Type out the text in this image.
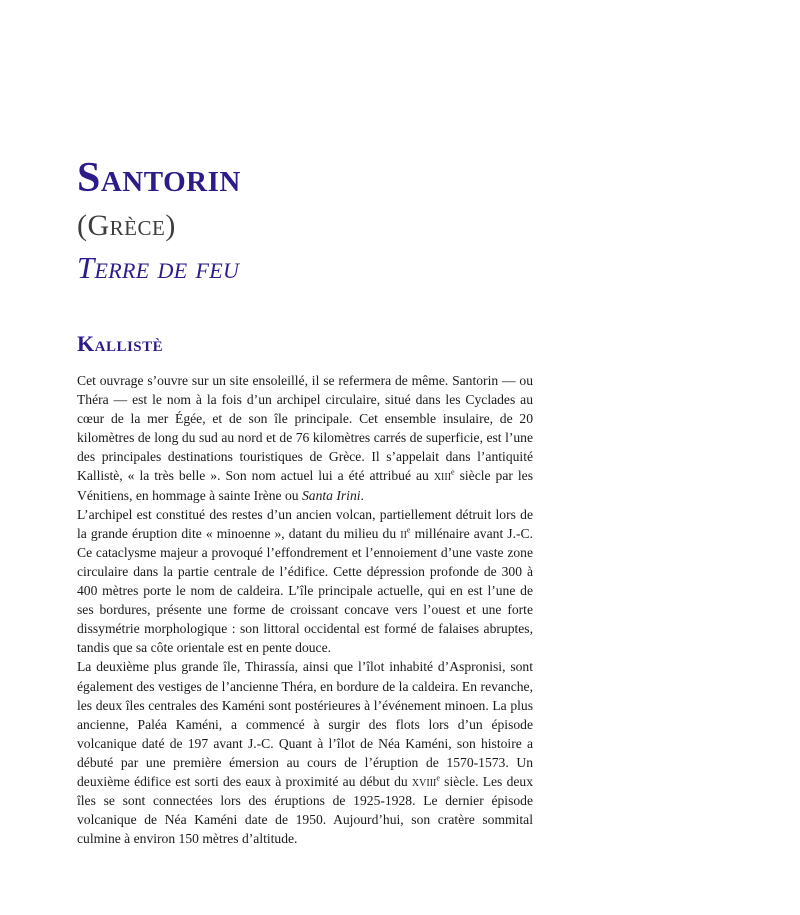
Santorin
(Grèce)
Terre de feu
Kallistè

Cet ouvrage s’ouvre sur un site ensoleillé, il se refermera de même. Santorin — ou Théra — est le nom à la fois d’un archipel circulaire, situé dans les Cyclades au cœur de la mer Égée, et de son île principale. Cet ensemble insulaire, de 20 kilomètres de long du sud au nord et de 76 kilomètres carrés de superficie, est l’une des principales destinations touristiques de Grèce. Il s’appelait dans l’antiquité Kallistè, « la très belle ». Son nom actuel lui a été attribué au xiii$^e$ siècle par les Vénitiens, en hommage à sainte Irène ou Santa Irini.

L’archipel est constitué des restes d’un ancien volcan, partiellement détruit lors de la grande éruption dite « minoenne », datant du milieu du $ii^e$ millénaire avant J.-C. Ce cataclysme majeur a provoqué l’effondrement et l’ennoiement d’une vaste zone circulaire dans la partie centrale de l’édifice. Cette dépression profonde de 300 à 400 mètres porte le nom de caldeira. L’île principale actuelle, qui en est l’une de ses bordures, présente une forme de croissant concave vers l’ouest et une forte dissymétrie morphologique : son littoral occidental est formé de falaises abruptes, tandis que sa côte orientale est en pente douce.

La deuxième plus grande île, Thirassía, ainsi que l’îlot inhabité d’Aspronisi, sont également des vestiges de l’ancienne Théra, en bordure de la caldeira. En revanche, les deux îles centrales des Kaméni sont postérieures à l’événement minoen. La plus ancienne, Paléa Kaméni, a commencé à surgir des flots lors d’un épisode volcanique daté de 197 avant J.-C. Quant à l’îlot de Néa Kaméni, son histoire a débuté par une première émersion au cours de l’éruption de 1570-1573. Un deuxième édifice est sorti des eaux à proximité au début du xviii$^e$ siècle. Les deux îles se sont connectées lors des éruptions de 1925-1928. Le dernier épisode volcanique de Néa Kaméni date de 1950. Aujourd’hui, son cratère sommital culmine à environ 150 mètres d’altitude.
